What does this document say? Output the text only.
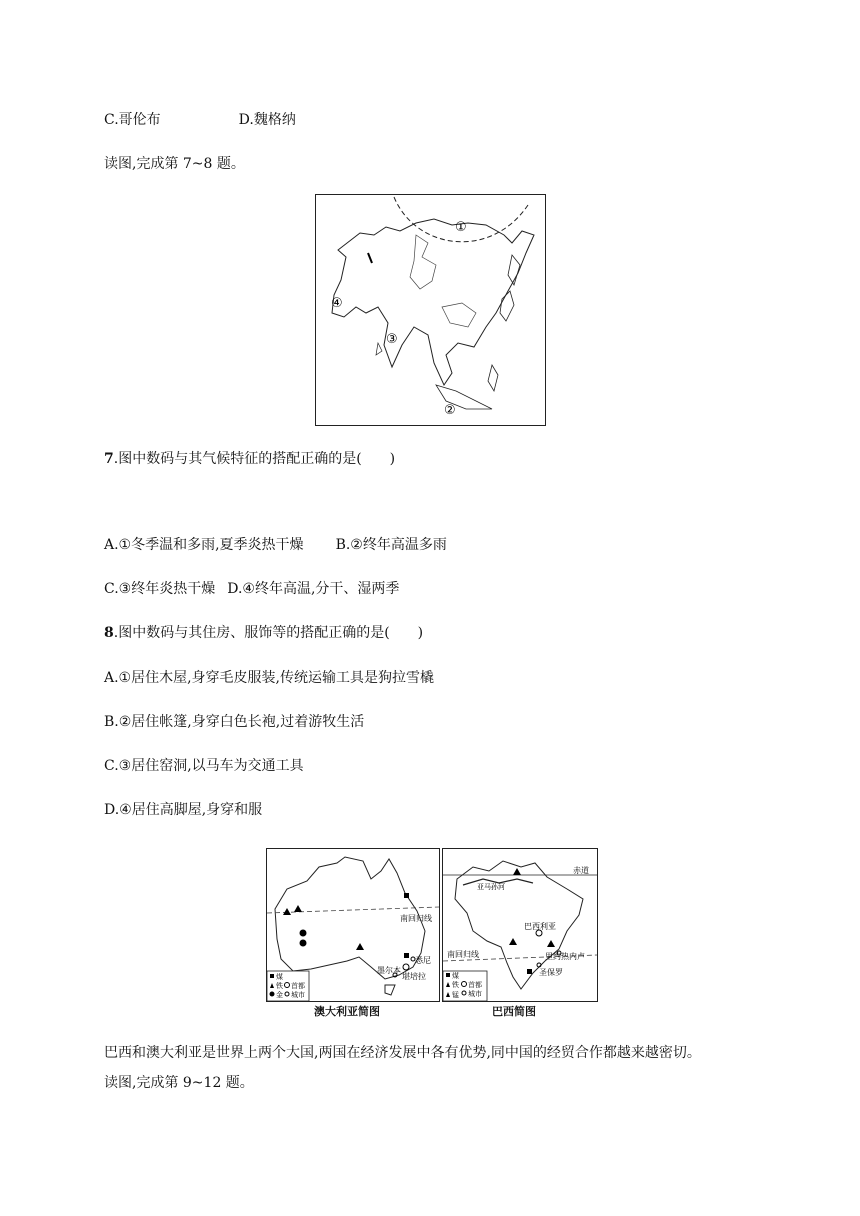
C.哥伦布	D.魏格纳
读图,完成第 7~8 题。
①
②
③
④
7.图中数码与其气候特征的搭配正确的是(　　)
A.①冬季温和多雨,夏季炎热干燥 B.②终年高温多雨
C.③终年炎热干燥 D.④终年高温,分干、湿两季
8.图中数码与其住房、服饰等的搭配正确的是(　　)
A.①居住木屋,身穿毛皮服装,传统运输工具是狗拉雪橇
B.②居住帐篷,身穿白色长袍,过着游牧生活
C.③居住窑洞,以马车为交通工具
D.④居住高脚屋,身穿和服
南回归线
悉尼
墨尔本
堪培拉
煤
铁
金
首都
城市
澳大利亚简图
赤道
南回归线
亚马孙河
巴西利亚
里约热内卢
圣保罗
煤
铁
锰
首都
城市
巴西简图
巴西和澳大利亚是世界上两个大国,两国在经济发展中各有优势,同中国的经贸合作都越来越密切。
读图,完成第 9~12 题。
